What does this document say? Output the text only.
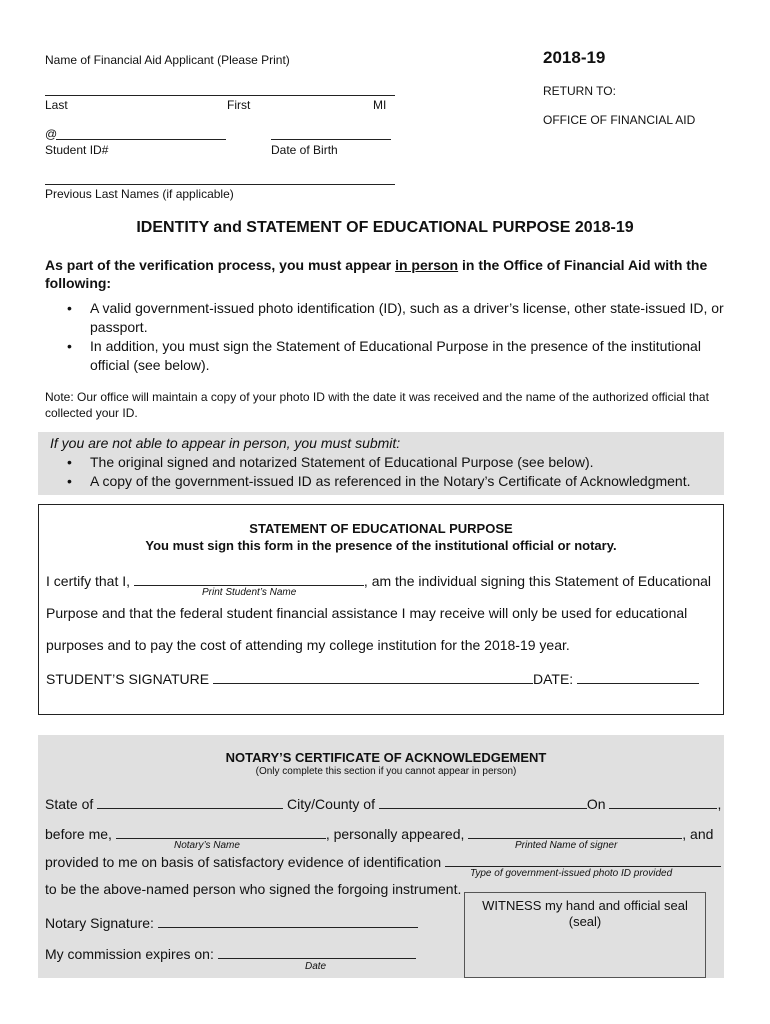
Name of Financial Aid Applicant (Please Print)	2018-19
RETURN TO:
OFFICE OF FINANCIAL AID
Last	First	MI
@
Student ID#	Date of Birth
Previous Last Names (if applicable)
IDENTITY and STATEMENT OF EDUCATIONAL PURPOSE 2018-19
As part of the verification process, you must appear in person in the Office of Financial Aid with the following:
• A valid government-issued photo identification (ID), such as a driver’s license, other state-issued ID, or passport.
• In addition, you must sign the Statement of Educational Purpose in the presence of the institutional official (see below).
Note: Our office will maintain a copy of your photo ID with the date it was received and the name of the authorized official that collected your ID.
If you are not able to appear in person, you must submit:
• The original signed and notarized Statement of Educational Purpose (see below).
• A copy of the government-issued ID as referenced in the Notary’s Certificate of Acknowledgment.
STATEMENT OF EDUCATIONAL PURPOSE
You must sign this form in the presence of the institutional official or notary.
I certify that I,	, am the individual signing this Statement of Educational
Print Student’s Name
Purpose and that the federal student financial assistance I may receive will only be used for educational
purposes and to pay the cost of attending my college institution for the 2018-19 year.
STUDENT’S SIGNATURE	DATE:
NOTARY’S CERTIFICATE OF ACKNOWLEDGEMENT
(Only complete this section if you cannot appear in person)
State of	City/County of	On	,
before me,	, personally appeared,	, and
Notary’s Name	Printed Name of signer
provided to me on basis of satisfactory evidence of identification
Type of government-issued photo ID provided
to be the above-named person who signed the forgoing instrument.
Notary Signature:
My commission expires on:
Date
WITNESS my hand and official seal
(seal)
